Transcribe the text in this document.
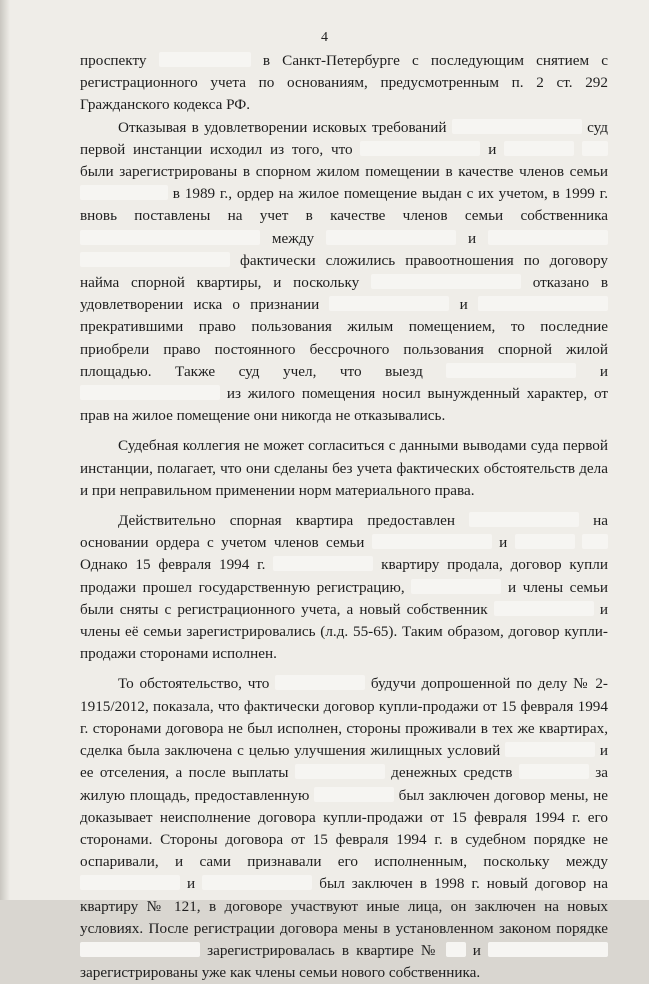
4

проспекту	в Санкт-Петербурге с последующим снятием с регистрационного учета по основаниям, предусмотренным п. 2 ст. 292 Гражданского кодекса РФ.

Отказывая в удовлетворении исковых требований	суд первой инстанции исходил из того, что	и   были зарегистрированы в спорном жилом помещении в качестве членов семьи  в 1989 г., ордер на жилое помещение выдан с их учетом, в 1999 г. вновь поставлены на учет в качестве членов семьи собственника  между	и   фактически сложились правоотношения по договору найма спорной квартиры, и поскольку	отказано в удовлетворении иска о признании	и  прекратившими право пользования жилым помещением, то последние приобрели право постоянного бессрочного пользования спорной жилой площадью. Также суд учел, что выезд	и  из жилого помещения носил вынужденный характер, от прав на жилое помещение они никогда не отказывались.

Судебная коллегия не может согласиться с данными выводами суда первой инстанции, полагает, что они сделаны без учета фактических обстоятельств дела и при неправильном применении норм материального права.

Действительно спорная квартира предоставлен	на основании ордера с учетом членов семьи	и   Однако 15 февраля 1994 г.	квартиру продала, договор купли продажи прошел государственную регистрацию,	и члены семьи были сняты с регистрационного учета, а новый собственник	и члены её семьи зарегистрировались (л.д. 55-65). Таким образом, договор купли-продажи сторонами исполнен.

То обстоятельство, что	будучи допрошенной по делу № 2-1915/2012, показала, что фактически договор купли-продажи от 15 февраля 1994 г. сторонами договора не был исполнен, стороны проживали в тех же квартирах, сделка была заключена с целью улучшения жилищных условий	и ее отселения, а после выплаты	денежных средств	за жилую площадь, предоставленную	был заключен договор мены, не доказывает неисполнение договора купли-продажи от 15 февраля 1994 г. его сторонами. Стороны договора от 15 февраля 1994 г. в судебном порядке не оспаривали, и сами признавали его исполненным, поскольку между  и	был заключен в 1998 г. новый договор на квартиру № 121, в договоре участвуют иные лица, он заключен на новых условиях. После регистрации договора мены в установленном законом порядке  зарегистрировалась в квартире №  и  зарегистрированы уже как члены семьи нового собственника.
